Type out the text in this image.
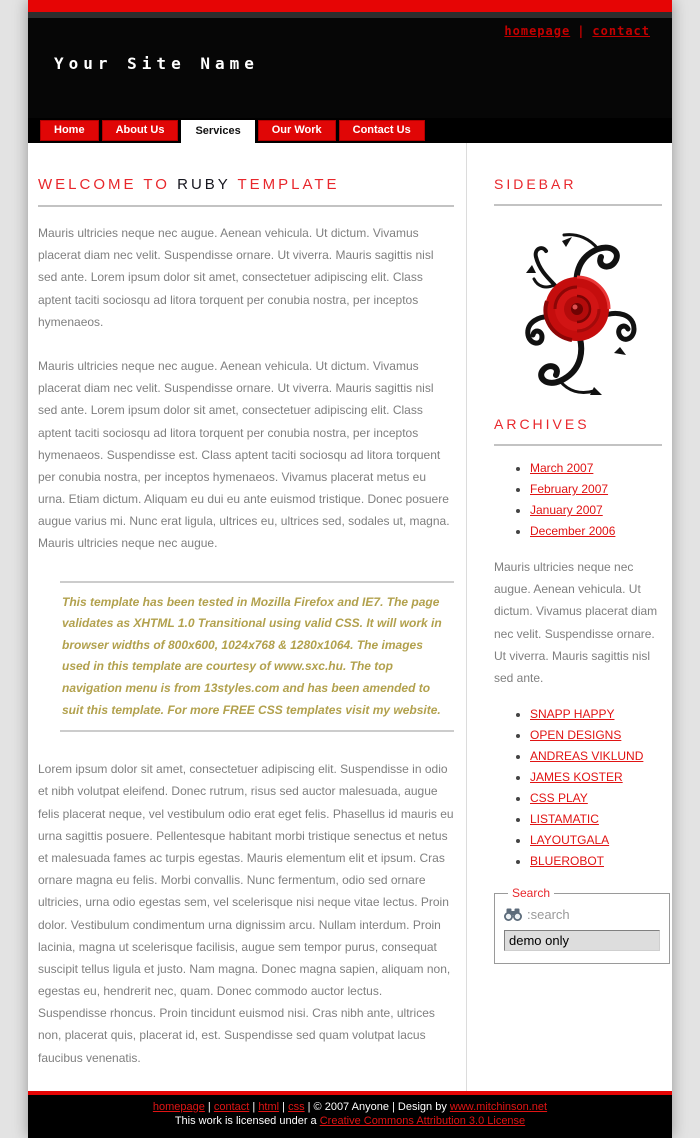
homepage | contact
Your Site Name
Home	About Us	Services	Our Work	Contact Us
WELCOME TO RUBY TEMPLATE

Mauris ultricies neque nec augue. Aenean vehicula. Ut dictum. Vivamus placerat diam nec velit. Suspendisse ornare. Ut viverra. Mauris sagittis nisl sed ante. Lorem ipsum dolor sit amet, consectetuer adipiscing elit. Class aptent taciti sociosqu ad litora torquent per conubia nostra, per inceptos hymenaeos.

Mauris ultricies neque nec augue. Aenean vehicula. Ut dictum. Vivamus placerat diam nec velit. Suspendisse ornare. Ut viverra. Mauris sagittis nisl sed ante. Lorem ipsum dolor sit amet, consectetuer adipiscing elit. Class aptent taciti sociosqu ad litora torquent per conubia nostra, per inceptos hymenaeos. Suspendisse est. Class aptent taciti sociosqu ad litora torquent per conubia nostra, per inceptos hymenaeos. Vivamus placerat metus eu urna. Etiam dictum. Aliquam eu dui eu ante euismod tristique. Donec posuere augue varius mi. Nunc erat ligula, ultrices eu, ultrices sed, sodales ut, magna. Mauris ultricies neque nec augue.

This template has been tested in Mozilla Firefox and IE7. The page validates as XHTML 1.0 Transitional using valid CSS. It will work in browser widths of 800x600, 1024x768 & 1280x1064. The images used in this template are courtesy of www.sxc.hu. The top navigation menu is from 13styles.com and has been amended to suit this template. For more FREE CSS templates visit my website.

Lorem ipsum dolor sit amet, consectetuer adipiscing elit. Suspendisse in odio et nibh volutpat eleifend. Donec rutrum, risus sed auctor malesuada, augue felis placerat neque, vel vestibulum odio erat eget felis. Phasellus id mauris eu urna sagittis posuere. Pellentesque habitant morbi tristique senectus et netus et malesuada fames ac turpis egestas. Mauris elementum elit et ipsum. Cras ornare magna eu felis. Morbi convallis. Nunc fermentum, odio sed ornare ultricies, urna odio egestas sem, vel scelerisque nisi neque vitae lectus. Proin dolor. Vestibulum condimentum urna dignissim arcu. Nullam interdum. Proin lacinia, magna ut scelerisque facilisis, augue sem tempor purus, consequat suscipit tellus ligula et justo. Nam magna. Donec magna sapien, aliquam non, egestas eu, hendrerit nec, quam. Donec commodo auctor lectus. Suspendisse rhoncus. Proin tincidunt euismod nisi. Cras nibh ante, ultrices non, placerat quis, placerat id, est. Suspendisse sed quam volutpat lacus faucibus venenatis.

SIDEBAR
ARCHIVES
• March 2007
• February 2007
• January 2007
• December 2006

Mauris ultricies neque nec augue. Aenean vehicula. Ut dictum. Vivamus placerat diam nec velit. Suspendisse ornare. Ut viverra. Mauris sagittis nisl sed ante.

• SNAPP HAPPY
• OPEN DESIGNS
• ANDREAS VIKLUND
• JAMES KOSTER
• CSS PLAY
• LISTAMATIC
• LAYOUTGALA
• BLUEROBOT
Search
:search
demo only
homepage | contact | html | css | © 2007 Anyone | Design by www.mitchinson.net
This work is licensed under a Creative Commons Attribution 3.0 License
